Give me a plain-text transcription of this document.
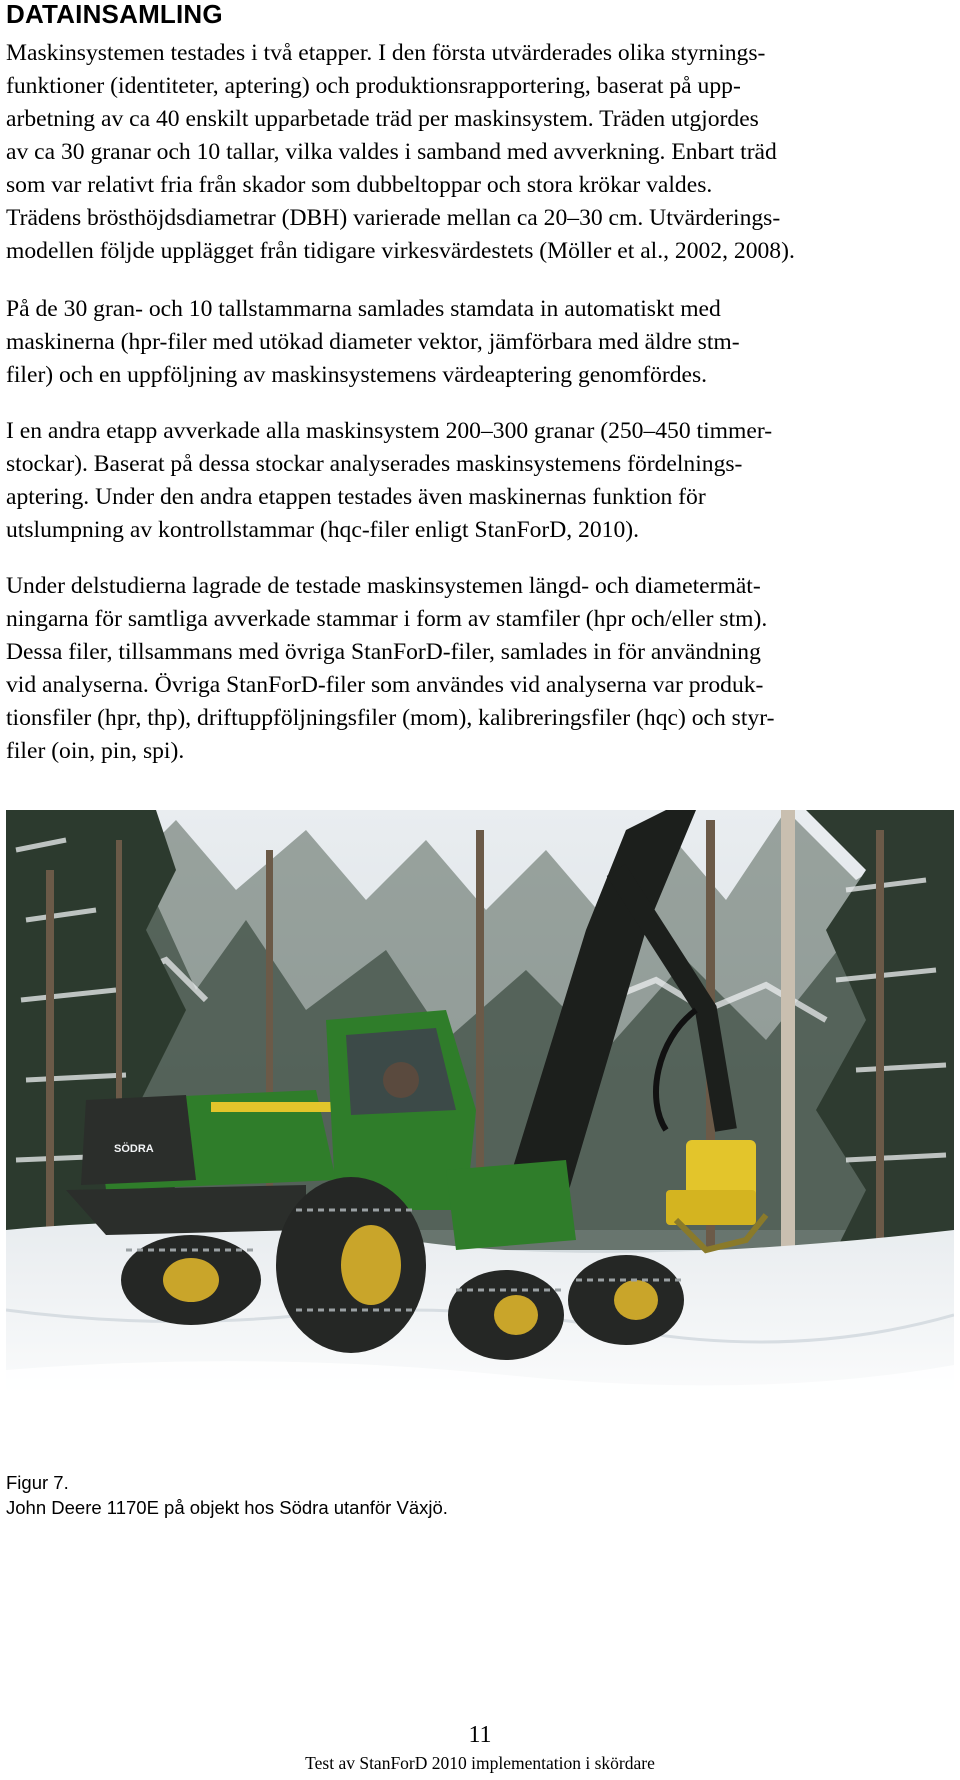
DATAINSAMLING
Maskinsystemen testades i två etapper. I den första utvärderades olika styrnings-
funktioner (identiteter, aptering) och produktionsrapportering, baserat på upp-
arbetning av ca 40 enskilt upparbetade träd per maskinsystem. Träden utgjordes
av ca 30 granar och 10 tallar, vilka valdes i samband med avverkning. Enbart träd
som var relativt fria från skador som dubbeltoppar och stora krökar valdes.
Trädens brösthöjdsdiametrar (DBH) varierade mellan ca 20–30 cm. Utvärderings-
modellen följde upplägget från tidigare virkesvärdestets (Möller et al., 2002, 2008).
På de 30 gran- och 10 tallstammarna samlades stamdata in automatiskt med
maskinerna (hpr-filer med utökad diameter vektor, jämförbara med äldre stm-
filer) och en uppföljning av maskinsystemens värdeaptering genomfördes.
I en andra etapp avverkade alla maskinsystem 200–300 granar (250–450 timmer-
stockar). Baserat på dessa stockar analyserades maskinsystemens fördelnings-
aptering. Under den andra etappen testades även maskinernas funktion för
utslumpning av kontrollstammar (hqc-filer enligt StanForD, 2010).
Under delstudierna lagrade de testade maskinsystemen längd- och diametermät-
ningarna för samtliga avverkade stammar i form av stamfiler (hpr och/eller stm).
Dessa filer, tillsammans med övriga StanForD-filer, samlades in för användning
vid analyserna. Övriga StanForD-filer som användes vid analyserna var produk-
tionsfiler (hpr, thp), driftuppföljningsfiler (mom), kalibreringsfiler (hqc) och styr-
filer (oin, pin, spi).
SÖDRA
Figur 7.
John Deere 1170E på objekt hos Södra utanför Växjö.
11
Test av StanForD 2010 implementation i skördare
